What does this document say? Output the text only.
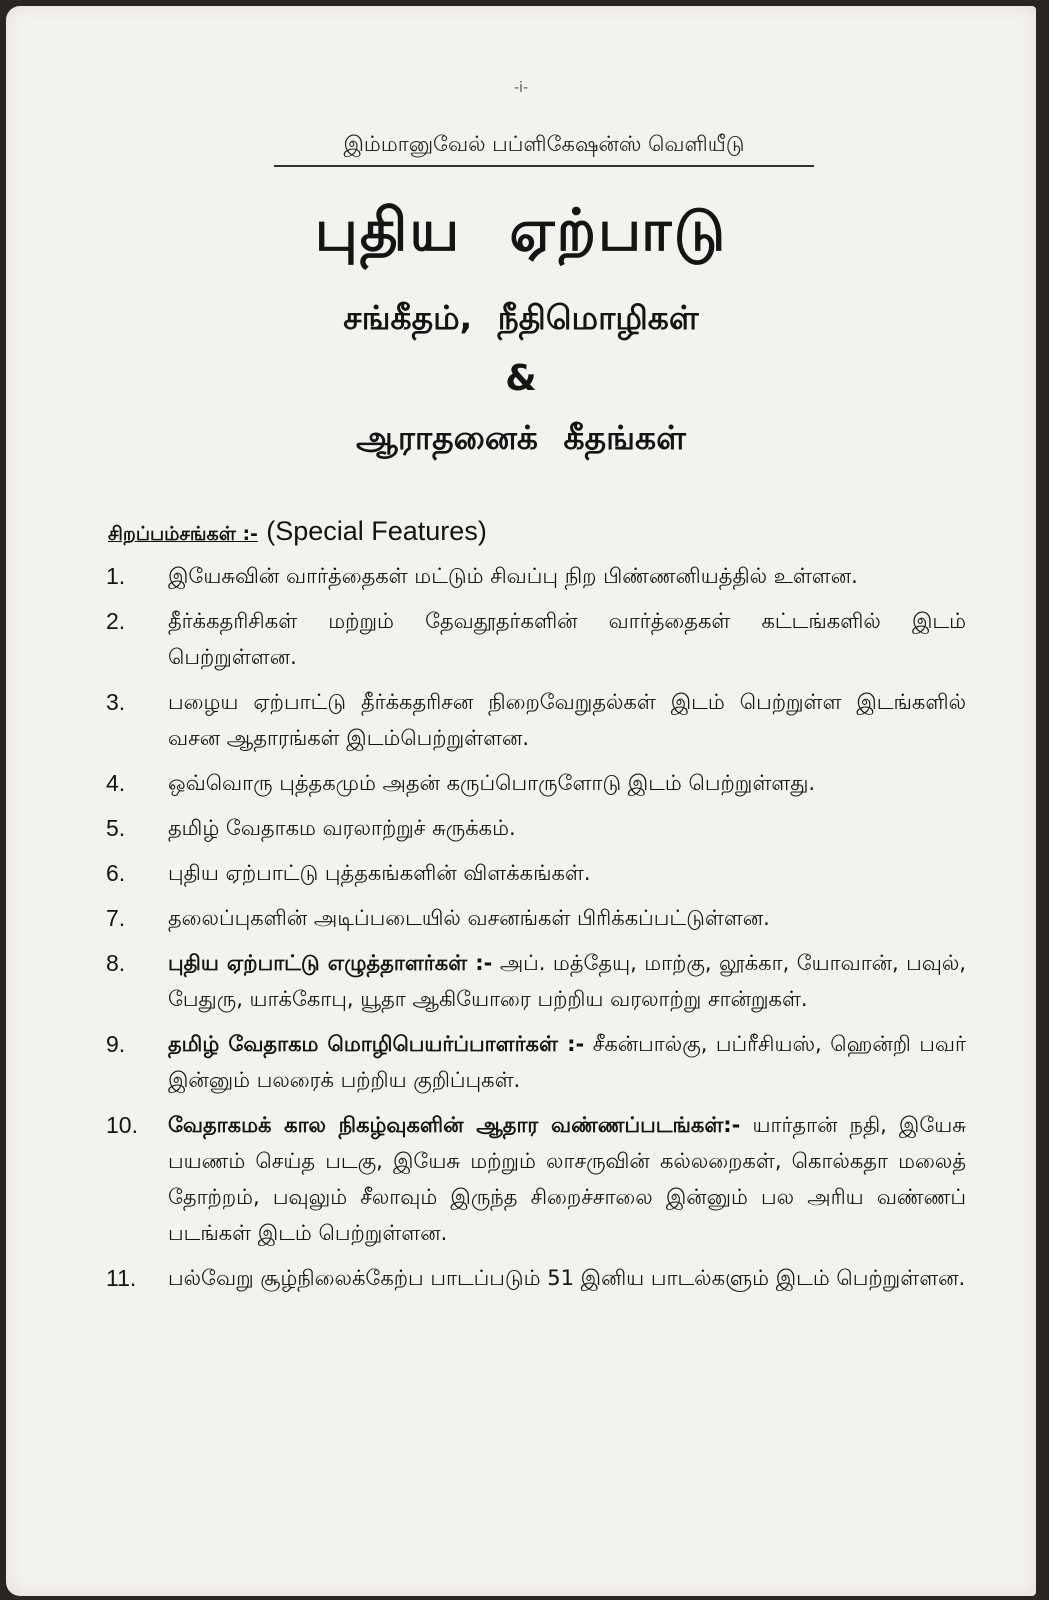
-i-
இம்மானுவேல் பப்ளிகேஷன்ஸ் வெளியீடு
புதிய ஏற்பாடு
சங்கீதம், நீதிமொழிகள்
&
ஆராதனைக் கீதங்கள்
சிறப்பம்சங்கள் :- (Special Features)
1.	இயேசுவின் வார்த்தைகள் மட்டும் சிவப்பு நிற பிண்ணனியத்தில் உள்ளன.
2.	தீர்க்கதரிசிகள் மற்றும் தேவதூதர்களின் வார்த்தைகள் கட்டங்களில் இடம் பெற்றுள்ளன.
3.	பழைய ஏற்பாட்டு தீர்க்கதரிசன நிறைவேறுதல்கள் இடம் பெற்றுள்ள இடங்களில் வசன ஆதாரங்கள் இடம்பெற்றுள்ளன.
4.	ஒவ்வொரு புத்தகமும் அதன் கருப்பொருளோடு இடம் பெற்றுள்ளது.
5.	தமிழ் வேதாகம வரலாற்றுச் சுருக்கம்.
6.	புதிய ஏற்பாட்டு புத்தகங்களின் விளக்கங்கள்.
7.	தலைப்புகளின் அடிப்படையில் வசனங்கள் பிரிக்கப்பட்டுள்ளன.
8.	புதிய ஏற்பாட்டு எழுத்தாளர்கள் :- அப். மத்தேயு, மாற்கு, லூக்கா, யோவான், பவுல், பேதுரு, யாக்கோபு, யூதா ஆகியோரை பற்றிய வரலாற்று சான்றுகள்.
9.	தமிழ் வேதாகம மொழிபெயர்ப்பாளர்கள் :- சீகன்பால்கு, பப்ரீசியஸ், ஹென்றி பவர் இன்னும் பலரைக் பற்றிய குறிப்புகள்.
10.	வேதாகமக் கால நிகழ்வுகளின் ஆதார வண்ணப்படங்கள்:- யார்தான் நதி, இயேசு பயணம் செய்த படகு, இயேசு மற்றும் லாசருவின் கல்லறைகள், கொல்கதா மலைத் தோற்றம், பவுலும் சீலாவும் இருந்த சிறைச்சாலை இன்னும் பல அரிய வண்ணப் படங்கள் இடம் பெற்றுள்ளன.
11.	பல்வேறு சூழ்நிலைக்கேற்ப பாடப்படும் 51 இனிய பாடல்களும் இடம் பெற்றுள்ளன.
